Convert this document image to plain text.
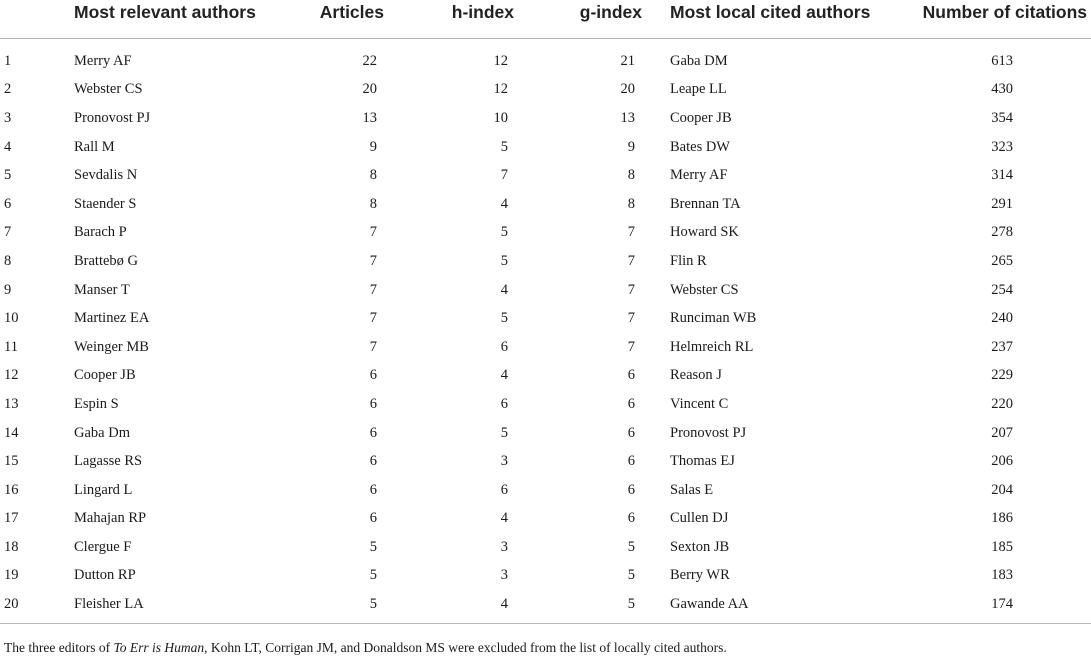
	Most relevant authors	Articles	h-index	g-index	Most local cited authors	Number of citations
1	Merry AF	22	12	21	Gaba DM	613
2	Webster CS	20	12	20	Leape LL	430
3	Pronovost PJ	13	10	13	Cooper JB	354
4	Rall M	9	5	9	Bates DW	323
5	Sevdalis N	8	7	8	Merry AF	314
6	Staender S	8	4	8	Brennan TA	291
7	Barach P	7	5	7	Howard SK	278
8	Brattebø G	7	5	7	Flin R	265
9	Manser T	7	4	7	Webster CS	254
10	Martinez EA	7	5	7	Runciman WB	240
11	Weinger MB	7	6	7	Helmreich RL	237
12	Cooper JB	6	4	6	Reason J	229
13	Espin S	6	6	6	Vincent C	220
14	Gaba Dm	6	5	6	Pronovost PJ	207
15	Lagasse RS	6	3	6	Thomas EJ	206
16	Lingard L	6	6	6	Salas E	204
17	Mahajan RP	6	4	6	Cullen DJ	186
18	Clergue F	5	3	5	Sexton JB	185
19	Dutton RP	5	3	5	Berry WR	183
20	Fleisher LA	5	4	5	Gawande AA	174
The three editors of To Err is Human, Kohn LT, Corrigan JM, and Donaldson MS were excluded from the list of locally cited authors.
